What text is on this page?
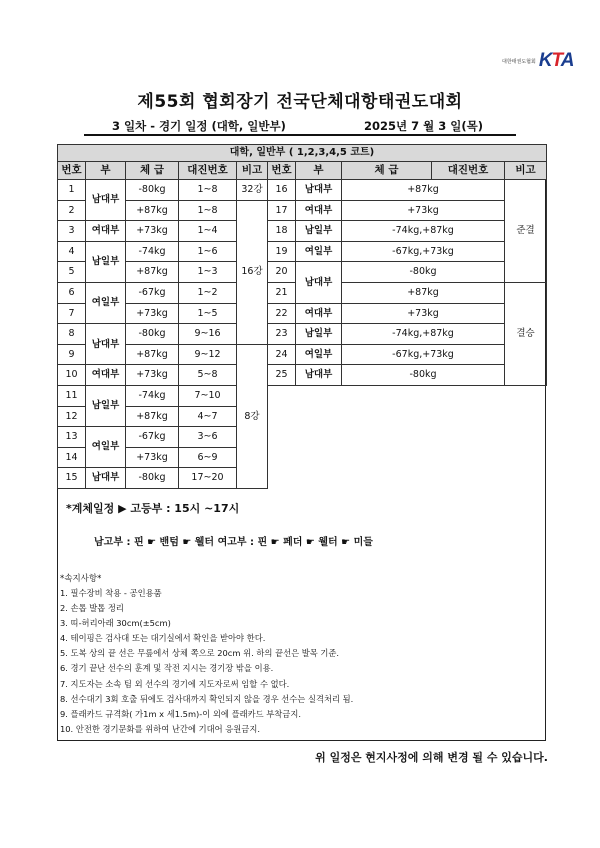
대한태권도협회 KTA
제55회 협회장기 전국단체대항태권도대회
3 일차 - 경기 일정 (대학, 일반부)	2025년 7 월 3 일(목)
대학, 일반부 ( 1,2,3,4,5 코트)									
번호	부	체 급	대진번호	비고	번호	부	체 급	대진번호	비고
1	남대부	-80kg	1~8	32강	16	남대부	+87kg		준결
2		+87kg	1~8	16강	17	여대부	+73kg		
3	여대부	+73kg	1~4		18	남일부	-74kg,+87kg		
4	남일부	-74kg	1~6		19	여일부	-67kg,+73kg		
5		+87kg	1~3		20	남대부	-80kg		
6	여일부	-67kg	1~2		21		+87kg		결승
7		+73kg	1~5		22	여대부	+73kg		
8	남대부	-80kg	9~16		23	남일부	-74kg,+87kg		
9		+87kg	9~12	8강	24	여일부	-67kg,+73kg		
10	여대부	+73kg	5~8		25	남대부	-80kg		
11	남일부	-74kg	7~10						
12		+87kg	4~7						
13	여일부	-67kg	3~6						
14		+73kg	6~9						
15	남대부	-80kg	17~20						
*계체일정 ▶ 고등부 : 15시 ~17시
남고부 : 핀 ☛ 밴텀 ☛ 웰터 여고부 : 핀 ☛ 페더 ☛ 웰터 ☛ 미들
*속지사항*
1. 필수장비 착용 - 공인용품
2. 손톱 발톱 정리
3. 띠-허리아래 30cm(±5cm)
4. 테이핑은 검사대 또는 대기실에서 확인을 받아야 한다.
5. 도복 상의 끝 선은 무릎에서 상체 쪽으로 20cm 위. 하의 끝선은 발목 기준.
6. 경기 끝난 선수의 훈계 및 작전 지시는 경기장 밖을 이용.
7. 지도자는 소속 팀 외 선수의 경기에 지도자로써 임할 수 없다.
8. 선수대기 3회 호출 뒤에도 검사대까지 확인되지 않을 경우 선수는 실격처리 됨.
9. 플래카드 규격화( 가1m x 세1.5m)-이 외에 플래카드 부착금지.
10. 안전한 경기문화를 위하여 난간에 기대어 응원금지.
위 일정은 현지사정에 의해 변경 될 수 있습니다.
